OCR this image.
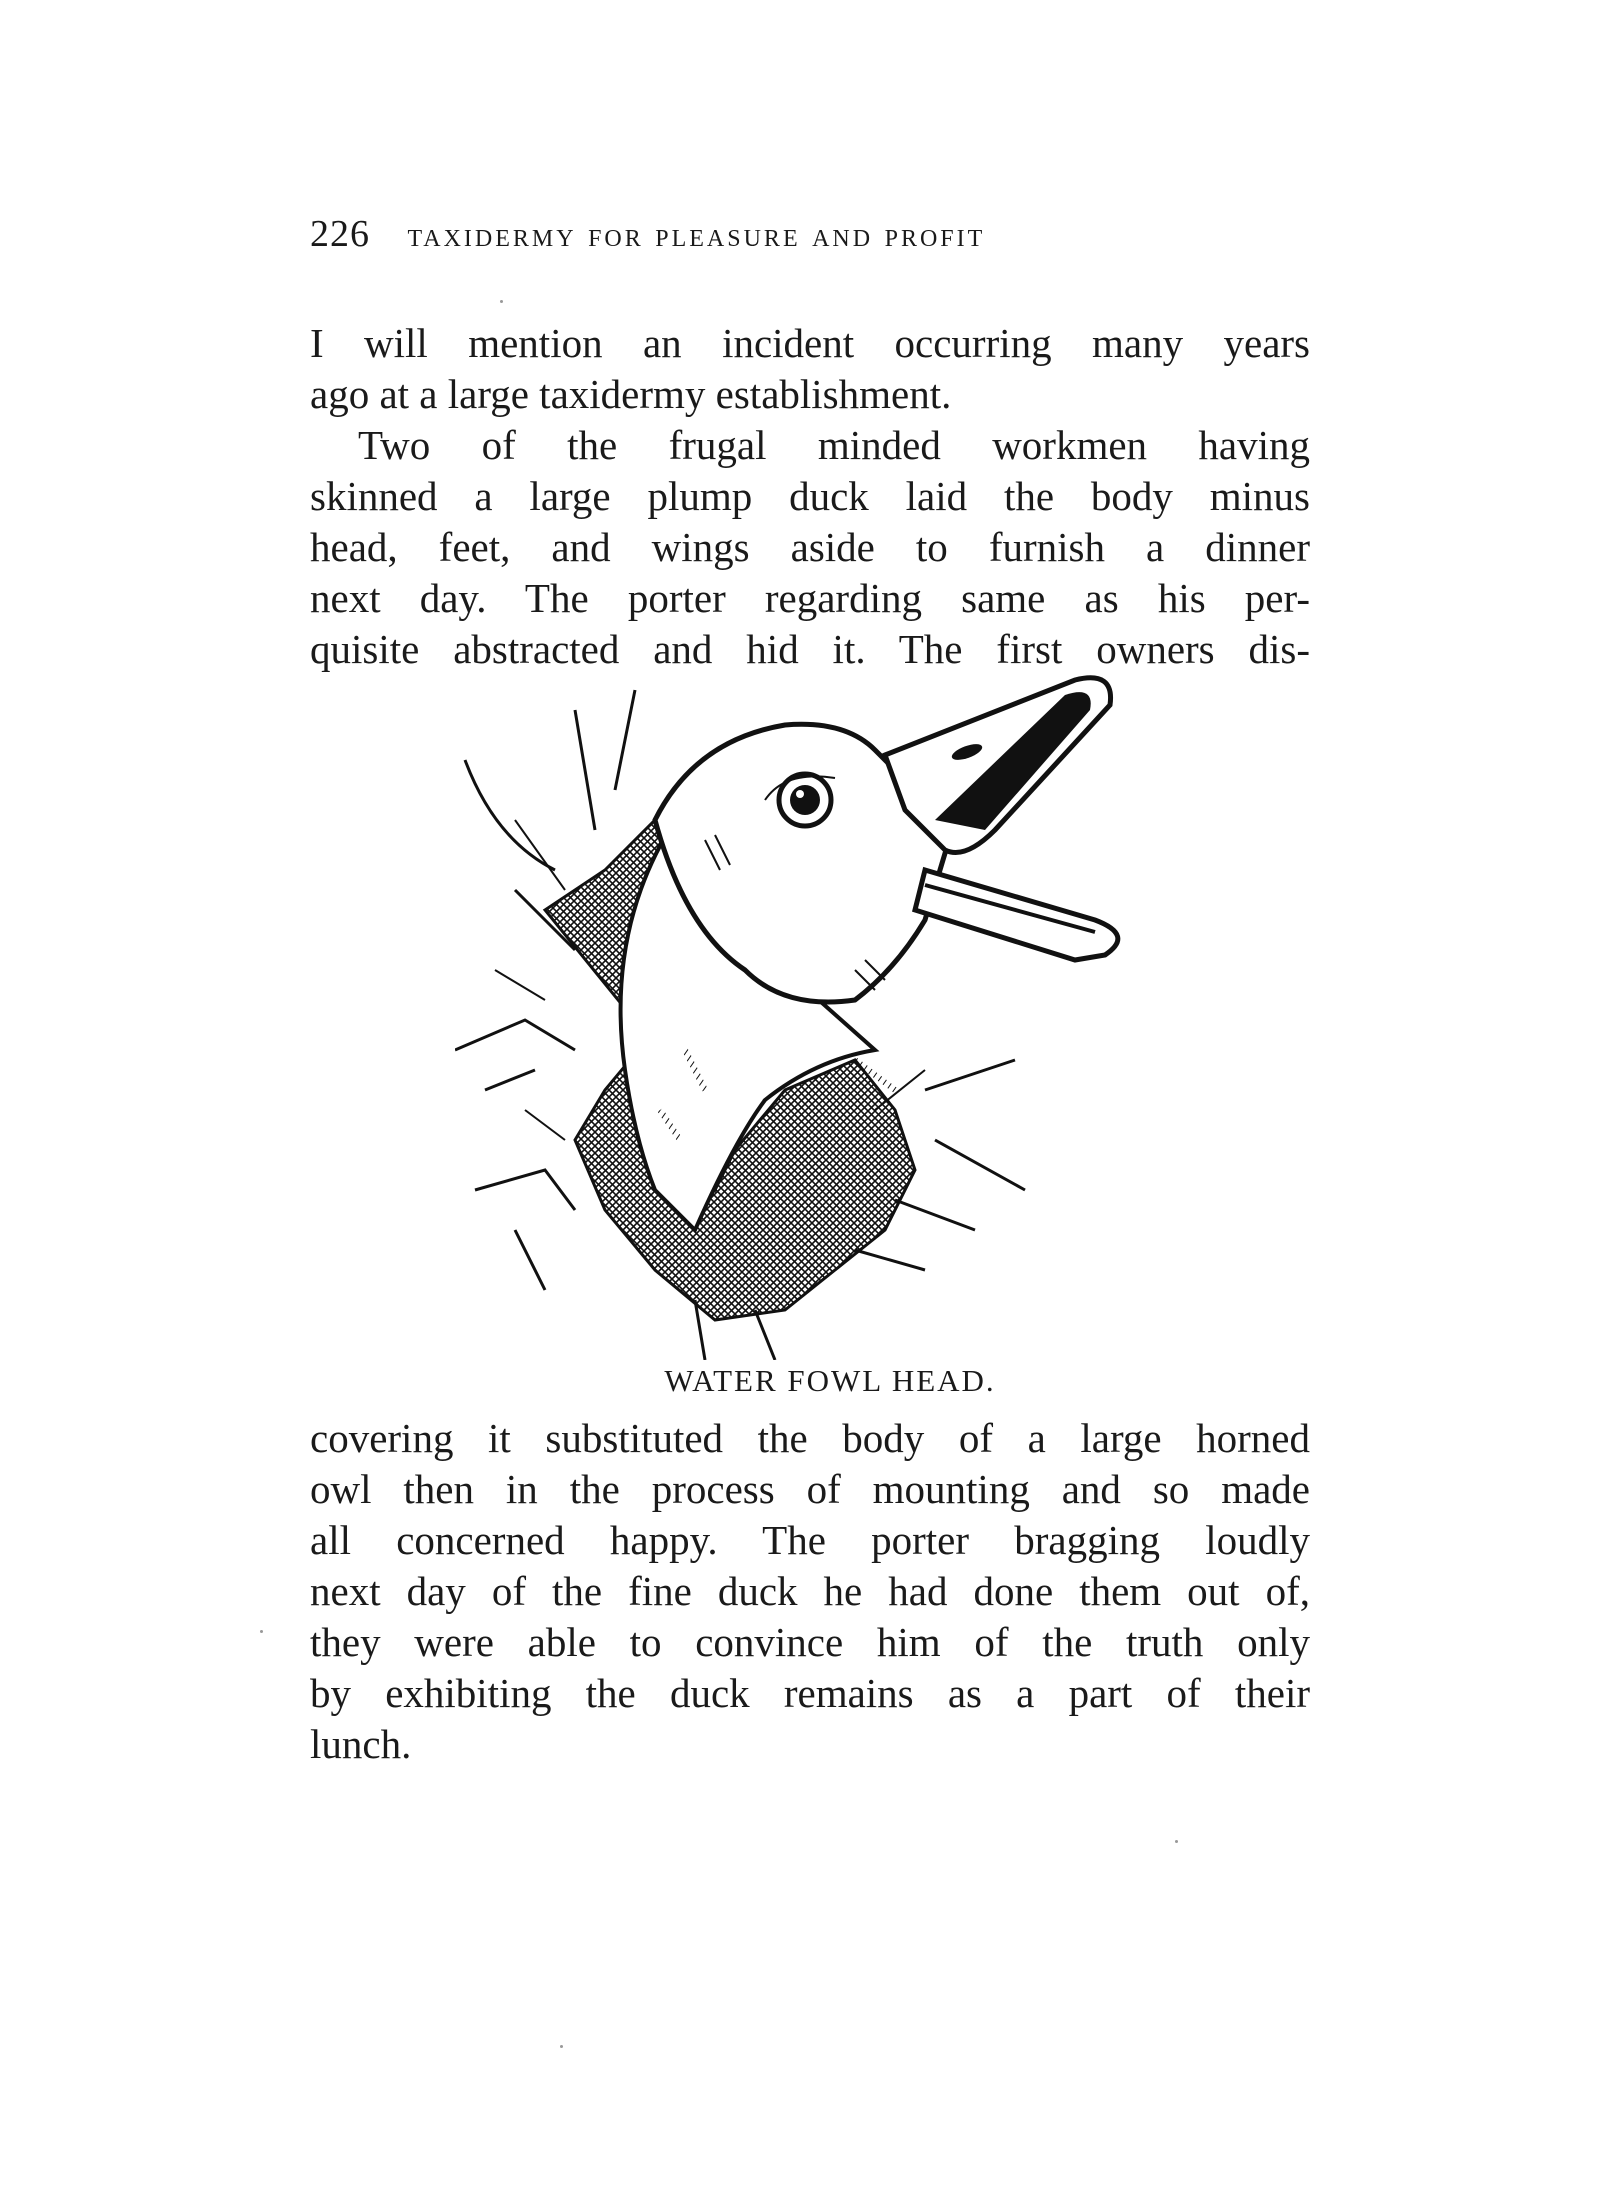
226 taxidermy for pleasure and profit
I will mention an incident occurring many years
ago at a large taxidermy establishment.
Two of the frugal minded workmen having
skinned a large plump duck laid the body minus
head, feet, and wings aside to furnish a dinner
next day. The porter regarding same as his per-
quisite abstracted and hid it. The first owners dis-
WATER FOWL HEAD.
covering it substituted the body of a large horned
owl then in the process of mounting and so made
all concerned happy. The porter bragging loudly
next day of the fine duck he had done them out of,
they were able to convince him of the truth only
by exhibiting the duck remains as a part of their
lunch.
